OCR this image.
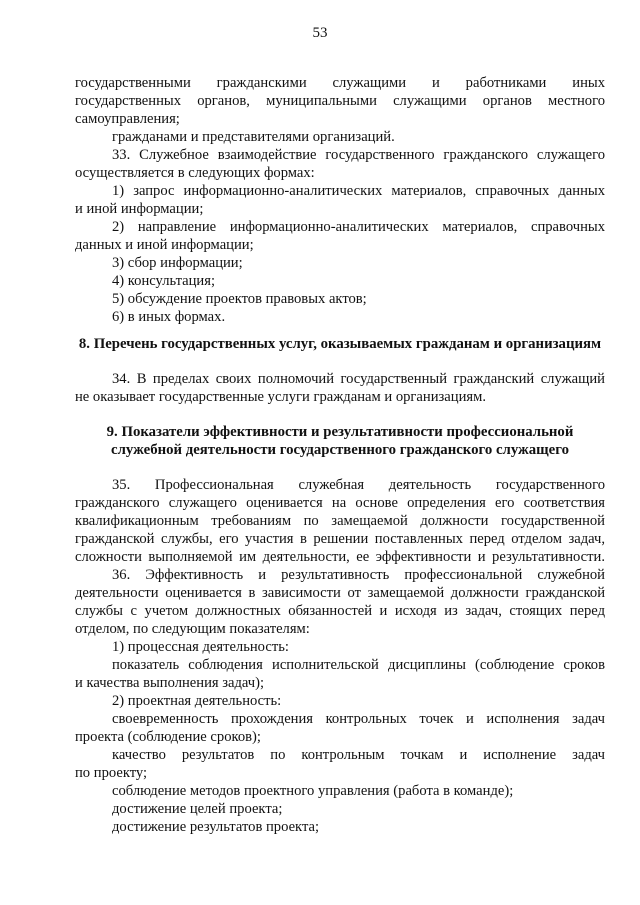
53
государственными гражданскими служащими и работниками иных
государственных органов, муниципальными служащими органов местного
самоуправления;
гражданами и представителями организаций.
33. Служебное взаимодействие государственного гражданского служащего
осуществляется в следующих формах:
1) запрос информационно-аналитических материалов, справочных данных
и иной информации;
2) направление информационно-аналитических материалов, справочных
данных и иной информации;
3) сбор информации;
4) консультация;
5) обсуждение проектов правовых актов;
6) в иных формах.
8. Перечень государственных услуг, оказываемых гражданам и организациям
34. В пределах своих полномочий государственный гражданский служащий
не оказывает государственные услуги гражданам и организациям.
9. Показатели эффективности и результативности профессиональной
служебной деятельности государственного гражданского служащего
35. Профессиональная служебная деятельность государственного
гражданского служащего оценивается на основе определения его соответствия
квалификационным требованиям по замещаемой должности государственной
гражданской службы, его участия в решении поставленных перед отделом задач,
сложности выполняемой им деятельности, ее эффективности и результативности.
36. Эффективность и результативность профессиональной служебной
деятельности оценивается в зависимости от замещаемой должности гражданской
службы с учетом должностных обязанностей и исходя из задач, стоящих перед
отделом, по следующим показателям:
1) процессная деятельность:
показатель соблюдения исполнительской дисциплины (соблюдение сроков
и качества выполнения задач);
2) проектная деятельность:
своевременность прохождения контрольных точек и исполнения задач
проекта (соблюдение сроков);
качество результатов по контрольным точкам и исполнение задач
по проекту;
соблюдение методов проектного управления (работа в команде);
достижение целей проекта;
достижение результатов проекта;
